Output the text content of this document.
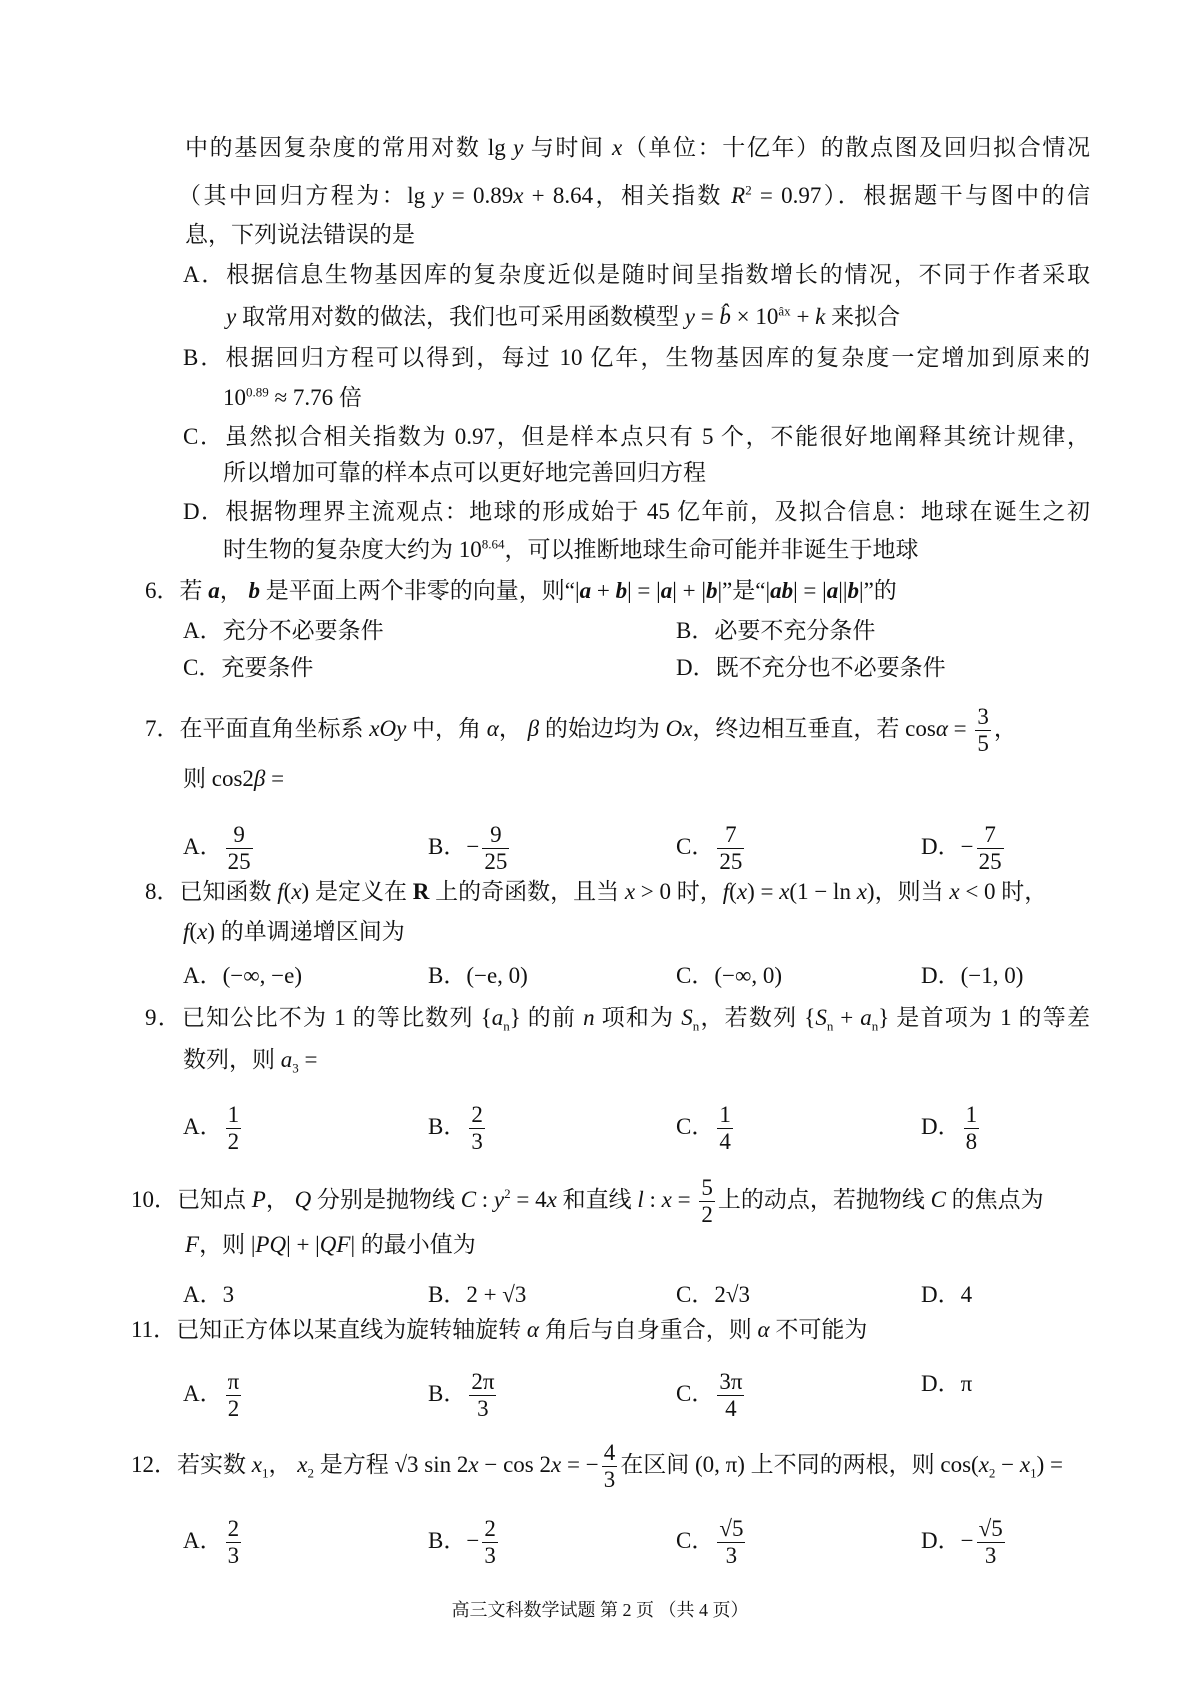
中的基因复杂度的常用对数 lg y 与时间 x（单位：十亿年）的散点图及回归拟合情况
（其中回归方程为：lg y = 0.89x + 8.64，相关指数 $R^2 = 0.97$）．根据题干与图中的信
息，下列说法错误的是
A．根据信息生物基因库的复杂度近似是随时间呈指数增长的情况，不同于作者采取
y 取常用对数的做法，我们也可采用函数模型 y = b̂ × $10^{âx} + k$ 来拟合
B．根据回归方程可以得到，每过 10 亿年，生物基因库的复杂度一定增加到原来的
$10^{0.89} \approx 7.76$ 倍
C．虽然拟合相关指数为 0.97，但是样本点只有 5 个，不能很好地阐释其统计规律，
所以增加可靠的样本点可以更好地完善回归方程
D．根据物理界主流观点：地球的形成始于 45 亿年前，及拟合信息：地球在诞生之初
时生物的复杂度大约为 $10^{8.64}$，可以推断地球生命可能并非诞生于地球
6．若 a， b 是平面上两个非零的向量，则“|a + b| = |a| + |b|”是“|ab| = |a||b|”的
A．充分不必要条件	B．必要不充分条件
C．充要条件	D．既不充分也不必要条件
7．在平面直角坐标系 xOy 中，角 α， β 的始边均为 Ox，终边相互垂直，若 $\cos\alpha = \frac{3}{5}$ ，
则 cos2β =
A． $\frac{9}{25}$	B．− $\frac{9}{25}$	C． $\frac{7}{25}$	D．− $\frac{7}{25}$
8．已知函数 f(x) 是定义在 R 上的奇函数，且当 x > 0 时，f(x) = x(1 − ln x)，则当 x < 0 时，
f(x) 的单调递增区间为
A．(−∞, −e)	B．(−e, 0)	C．(−∞, 0)	D．(−1, 0)
9．已知公比不为 1 的等比数列 $\{a_n\}$ 的前 n 项和为 $S_n$，若数列 $\{S_n + a_n\}$ 是首项为 1 的等差
数列，则 $a_3$ =
A． $\frac{1}{2}$	B． $\frac{2}{3}$	C． $\frac{1}{4}$	D． $\frac{1}{8}$
10．已知点 P， Q 分别是抛物线 C : $y^2 = 4x$ 和直线 l : $x = \frac{5}{2}$ 上的动点，若抛物线 C 的焦点为
F，则 |PQ| + |QF| 的最小值为
A．3	B．2 + √3	C．2√3	D．4
11．已知正方体以某直线为旋转轴旋转 α 角后与自身重合，则 α 不可能为
A． $\frac{\pi}{2}$	B． $\frac{2\pi}{3}$	C． $\frac{3\pi}{4}$	D．π
12．若实数 $x_1$， $x_2$ 是方程 √3 sin 2x − cos 2x = − $\frac{4}{3}$ 在区间 (0, π) 上不同的两根，则 $\cos(x_2 - x_1)$ =
A． $\frac{2}{3}$	B．− $\frac{2}{3}$	C． $\frac{√5}{3}$	D．− $\frac{√5}{3}$
高三文科数学试题 第 2 页 （共 4 页）
